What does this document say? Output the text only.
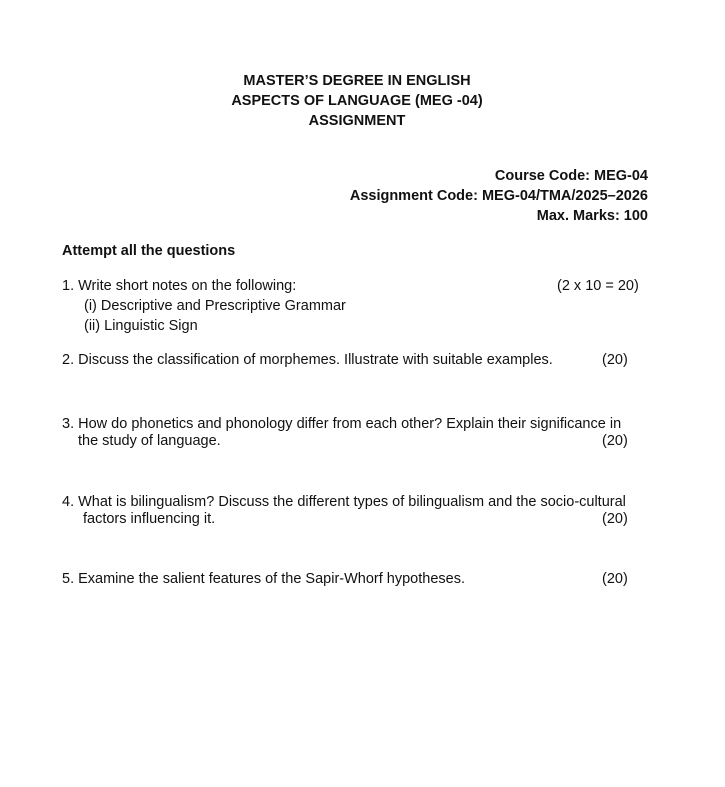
MASTER’S DEGREE IN ENGLISH
ASPECTS OF LANGUAGE (MEG -04)
ASSIGNMENT
Course Code: MEG-04
Assignment Code: MEG-04/TMA/2025–2026
Max. Marks: 100
Attempt all the questions
1. Write short notes on the following:	(2 x 10 = 20)
(i) Descriptive and Prescriptive Grammar
(ii) Linguistic Sign
2. Discuss the classification of morphemes. Illustrate with suitable examples.	(20)
3. How do phonetics and phonology differ from each other? Explain their significance in
the study of language.	(20)
4. What is bilingualism? Discuss the different types of bilingualism and the socio-cultural
factors influencing it.	(20)
5. Examine the salient features of the Sapir-Whorf hypotheses.	(20)
